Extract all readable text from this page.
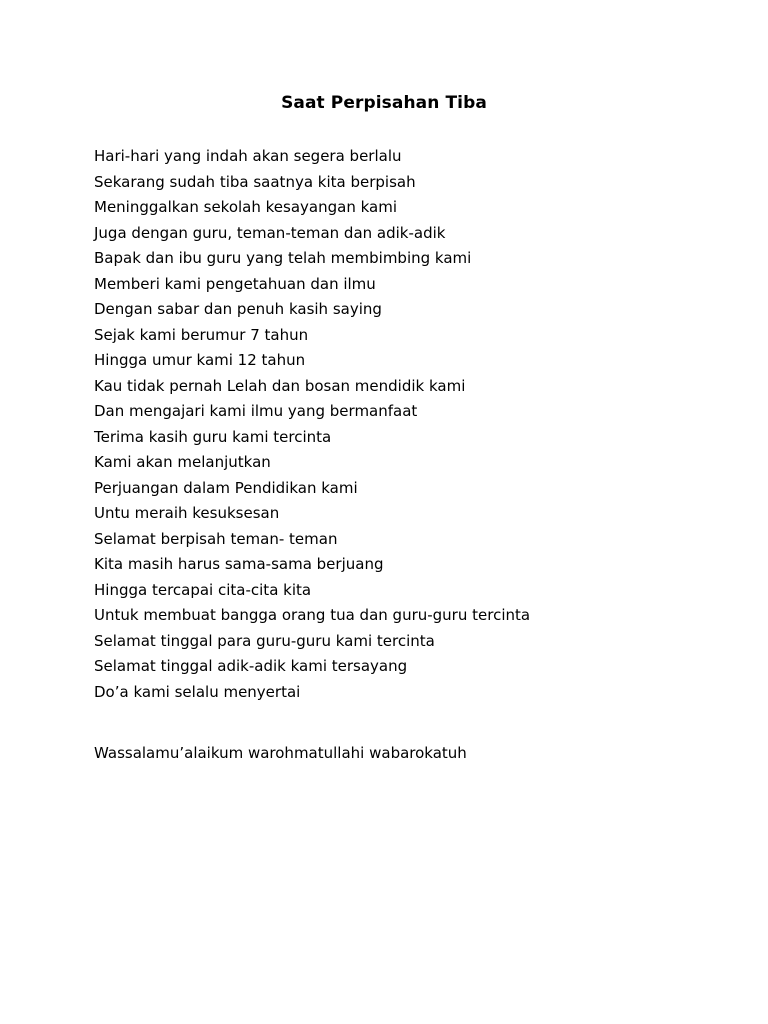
Saat Perpisahan Tiba
Hari-hari yang indah akan segera berlalu
Sekarang sudah tiba saatnya kita berpisah
Meninggalkan sekolah kesayangan kami
Juga dengan guru, teman-teman dan adik-adik
Bapak dan ibu guru yang telah membimbing kami
Memberi kami pengetahuan dan ilmu
Dengan sabar dan penuh kasih saying
Sejak kami berumur 7 tahun
Hingga umur kami 12 tahun
Kau tidak pernah Lelah dan bosan mendidik kami
Dan mengajari kami ilmu yang bermanfaat
Terima kasih guru kami tercinta
Kami akan melanjutkan
Perjuangan dalam Pendidikan kami
Untu meraih kesuksesan
Selamat berpisah teman- teman
Kita masih harus sama-sama berjuang
Hingga tercapai cita-cita kita
Untuk membuat bangga orang tua dan guru-guru tercinta
Selamat tinggal para guru-guru kami tercinta
Selamat tinggal adik-adik kami tersayang
Do’a kami selalu menyertai
Wassalamu’alaikum warohmatullahi wabarokatuh
